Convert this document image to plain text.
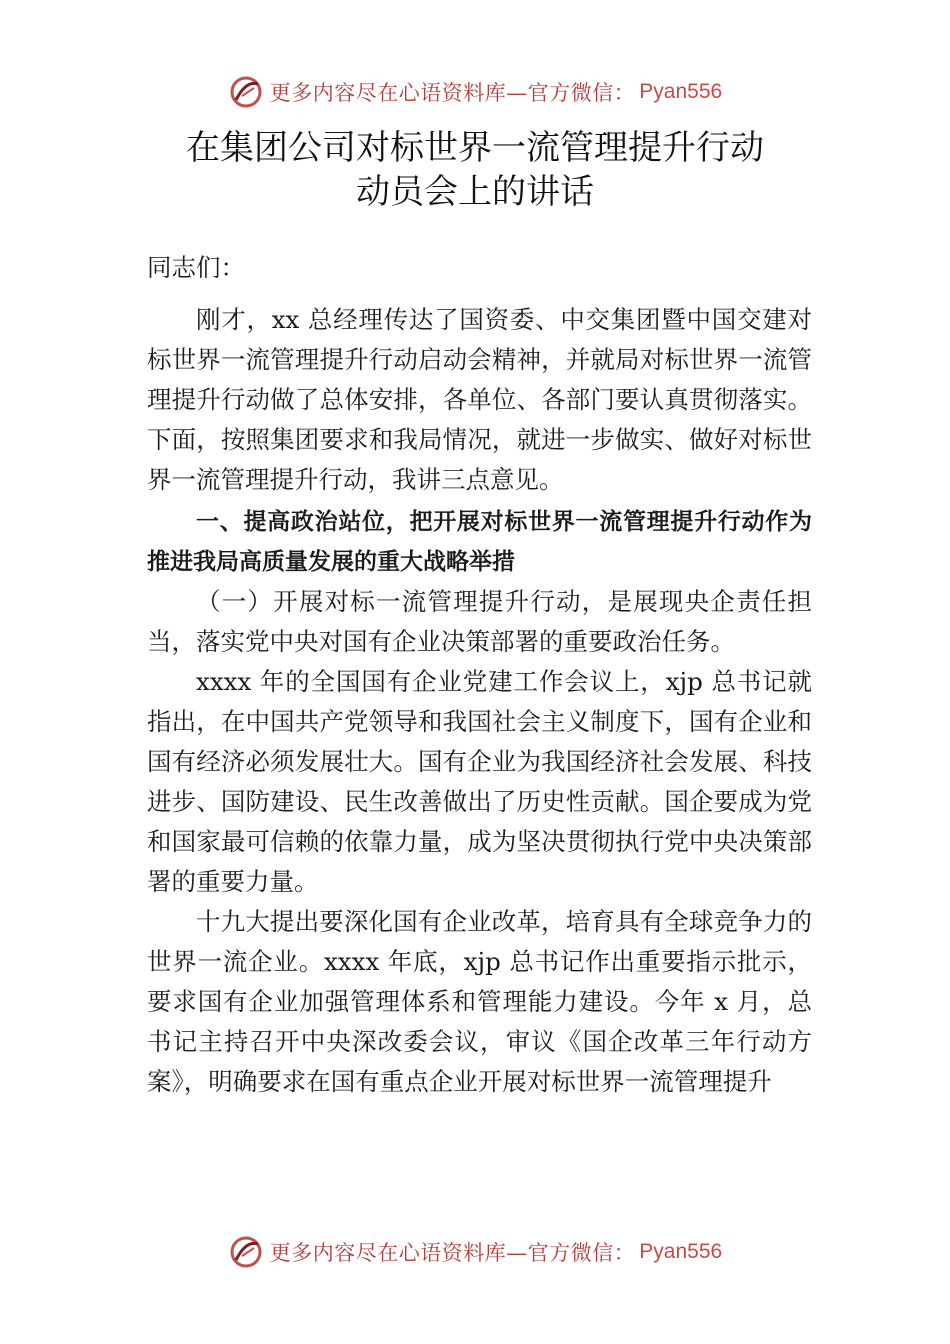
更多内容尽在心语资料库—官方微信： Pyan556
在集团公司对标世界一流管理提升行动
动员会上的讲话

同志们：

刚才，xx 总经理传达了国资委、中交集团暨中国交建对标世界一流管理提升行动启动会精神，并就局对标世界一流管理提升行动做了总体安排，各单位、各部门要认真贯彻落实。下面，按照集团要求和我局情况，就进一步做实、做好对标世界一流管理提升行动，我讲三点意见。

一、提高政治站位，把开展对标世界一流管理提升行动作为推进我局高质量发展的重大战略举措

（一）开展对标一流管理提升行动，是展现央企责任担当，落实党中央对国有企业决策部署的重要政治任务。

xxxx 年的全国国有企业党建工作会议上，xjp 总书记就指出，在中国共产党领导和我国社会主义制度下，国有企业和国有经济必须发展壮大。国有企业为我国经济社会发展、科技进步、国防建设、民生改善做出了历史性贡献。国企要成为党和国家最可信赖的依靠力量，成为坚决贯彻执行党中央决策部署的重要力量。

十九大提出要深化国有企业改革，培育具有全球竞争力的世界一流企业。xxxx 年底，xjp 总书记作出重要指示批示，要求国有企业加强管理体系和管理能力建设。今年 x 月，总书记主持召开中央深改委会议，审议《国企改革三年行动方案》，明确要求在国有重点企业开展对标世界一流管理提升

更多内容尽在心语资料库—官方微信： Pyan556
